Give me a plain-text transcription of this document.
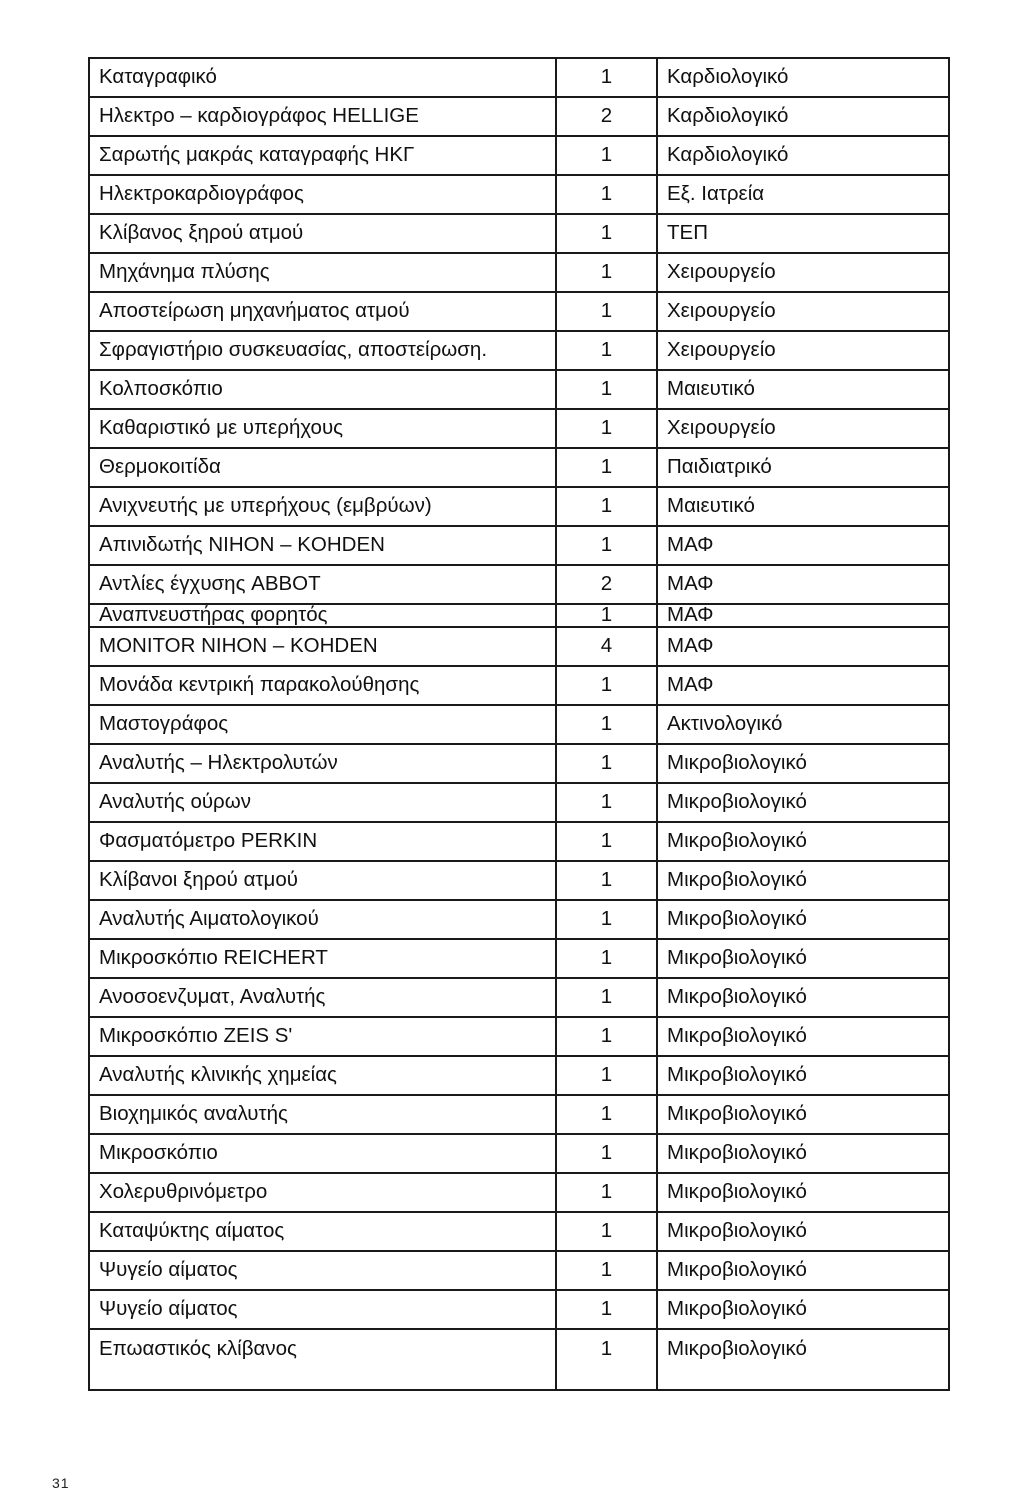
Καταγραφικό	1	Καρδιολογικό
Ηλεκτρο – καρδιογράφος HELLIGE	2	Καρδιολογικό
Σαρωτής μακράς καταγραφής ΗΚΓ	1	Καρδιολογικό
Ηλεκτροκαρδιογράφος	1	Εξ. Ιατρεία
Κλίβανος ξηρού ατμού	1	ΤΕΠ
Μηχάνημα πλύσης	1	Χειρουργείο
Αποστείρωση μηχανήματος ατμού	1	Χειρουργείο
Σφραγιστήριο συσκευασίας, αποστείρωση.	1	Χειρουργείο
Κολποσκόπιο	1	Μαιευτικό
Καθαριστικό με υπερήχους	1	Χειρουργείο
Θερμοκοιτίδα	1	Παιδιατρικό
Ανιχνευτής με υπερήχους (εμβρύων)	1	Μαιευτικό
Απινιδωτής NIHON – KOHDEN	1	ΜΑΦ
Αντλίες έγχυσης ABBOT	2	ΜΑΦ
Αναπνευστήρας φορητός	1	ΜΑΦ
MONITOR NIHON – KOHDEN	4	ΜΑΦ
Μονάδα κεντρική παρακολούθησης	1	ΜΑΦ
Μαστογράφος	1	Ακτινολογικό
Αναλυτής – Ηλεκτρολυτών	1	Μικροβιολογικό
Αναλυτής ούρων	1	Μικροβιολογικό
Φασματόμετρο PERKIN	1	Μικροβιολογικό
Κλίβανοι ξηρού ατμού	1	Μικροβιολογικό
Αναλυτής Αιματολογικού	1	Μικροβιολογικό
Μικροσκόπιο REICHERT	1	Μικροβιολογικό
Ανοσοενζυματ, Αναλυτής	1	Μικροβιολογικό
Μικροσκόπιο ZEIS S'	1	Μικροβιολογικό
Αναλυτής κλινικής χημείας	1	Μικροβιολογικό
Βιοχημικός αναλυτής	1	Μικροβιολογικό
Μικροσκόπιο	1	Μικροβιολογικό
Χολερυθρινόμετρο	1	Μικροβιολογικό
Καταψύκτης αίματος	1	Μικροβιολογικό
Ψυγείο αίματος	1	Μικροβιολογικό
Ψυγείο αίματος	1	Μικροβιολογικό
Επωαστικός κλίβανος	1	Μικροβιολογικό
31
